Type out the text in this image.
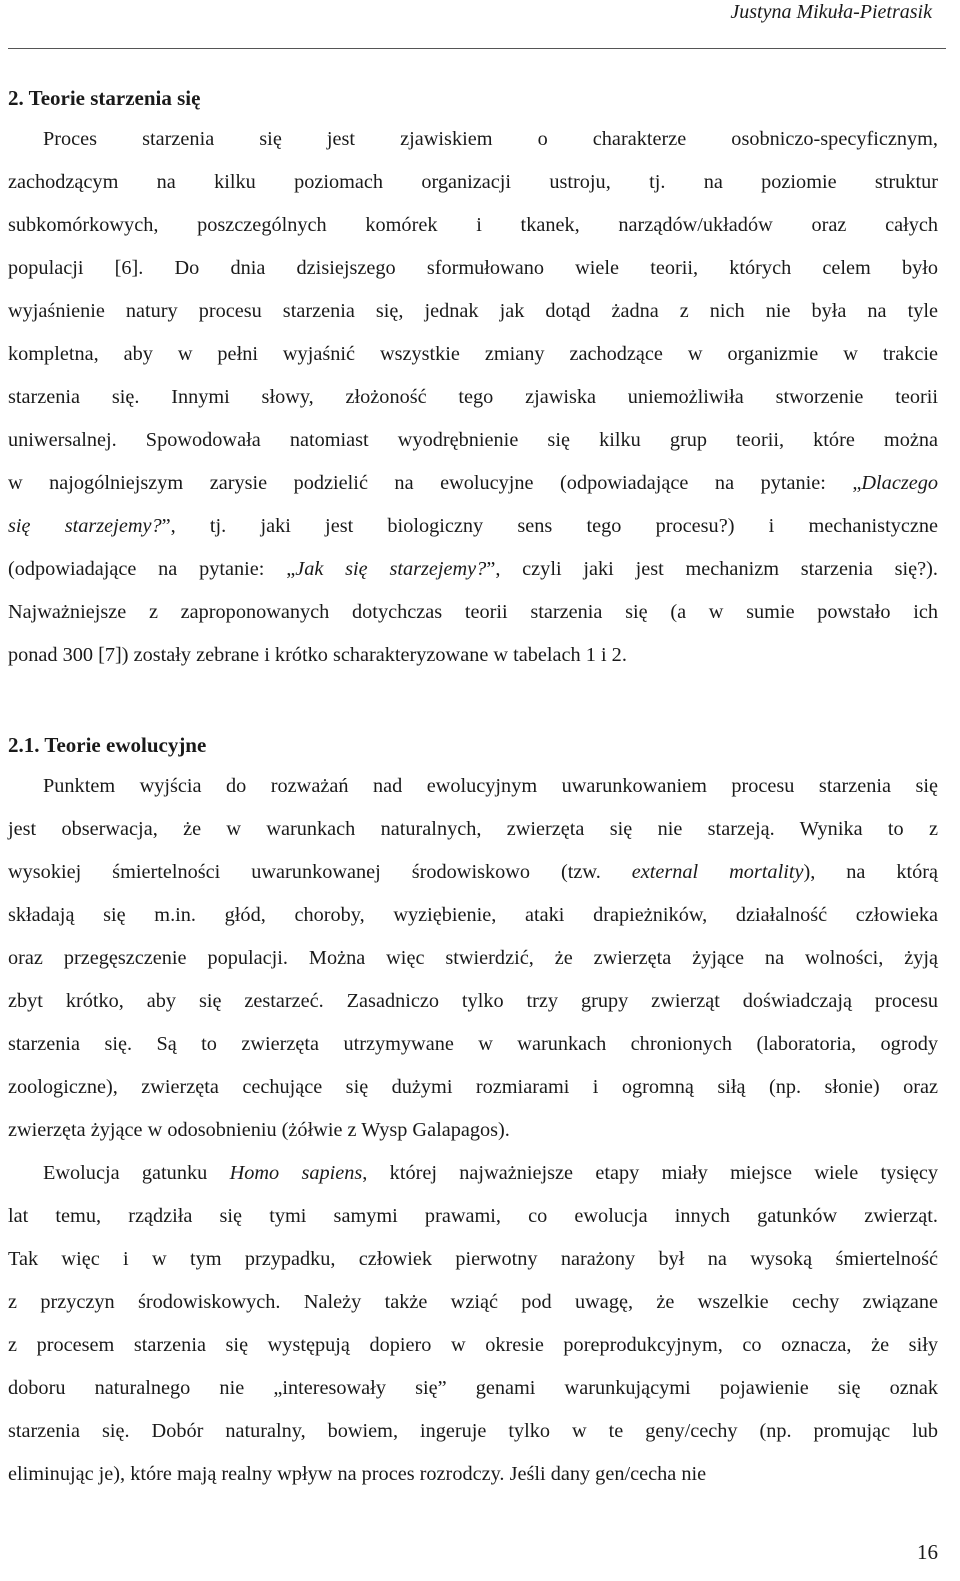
Justyna Mikuła-Pietrasik
2. Teorie starzenia się
Proces starzenia się jest zjawiskiem o charakterze osobniczo-specyficznym,
zachodzącym na kilku poziomach organizacji ustroju, tj. na poziomie struktur
subkomórkowych, poszczególnych komórek i tkanek, narządów/układów oraz całych
populacji [6]. Do dnia dzisiejszego sformułowano wiele teorii, których celem było
wyjaśnienie natury procesu starzenia się, jednak jak dotąd żadna z nich nie była na tyle
kompletna, aby w pełni wyjaśnić wszystkie zmiany zachodzące w organizmie w trakcie
starzenia się. Innymi słowy, złożoność tego zjawiska uniemożliwiła stworzenie teorii
uniwersalnej. Spowodowała natomiast wyodrębnienie się kilku grup teorii, które można
w najogólniejszym zarysie podzielić na ewolucyjne (odpowiadające na pytanie: „Dlaczego
się starzejemy?”, tj. jaki jest biologiczny sens tego procesu?) i mechanistyczne
(odpowiadające na pytanie: „Jak się starzejemy?”, czyli jaki jest mechanizm starzenia się?).
Najważniejsze z zaproponowanych dotychczas teorii starzenia się (a w sumie powstało ich
ponad 300 [7]) zostały zebrane i krótko scharakteryzowane w tabelach 1 i 2.
2.1. Teorie ewolucyjne
Punktem wyjścia do rozważań nad ewolucyjnym uwarunkowaniem procesu starzenia się
jest obserwacja, że w warunkach naturalnych, zwierzęta się nie starzeją. Wynika to z
wysokiej śmiertelności uwarunkowanej środowiskowo (tzw. external mortality), na którą
składają się m.in. głód, choroby, wyziębienie, ataki drapieżników, działalność człowieka
oraz przegęszczenie populacji. Można więc stwierdzić, że zwierzęta żyjące na wolności, żyją
zbyt krótko, aby się zestarzeć. Zasadniczo tylko trzy grupy zwierząt doświadczają procesu
starzenia się. Są to zwierzęta utrzymywane w warunkach chronionych (laboratoria, ogrody
zoologiczne), zwierzęta cechujące się dużymi rozmiarami i ogromną siłą (np. słonie) oraz
zwierzęta żyjące w odosobnieniu (żółwie z Wysp Galapagos).
Ewolucja gatunku Homo sapiens, której najważniejsze etapy miały miejsce wiele tysięcy
lat temu, rządziła się tymi samymi prawami, co ewolucja innych gatunków zwierząt.
Tak więc i w tym przypadku, człowiek pierwotny narażony był na wysoką śmiertelność
z przyczyn środowiskowych. Należy także wziąć pod uwagę, że wszelkie cechy związane
z procesem starzenia się występują dopiero w okresie poreprodukcyjnym, co oznacza, że siły
doboru naturalnego nie „interesowały się” genami warunkującymi pojawienie się oznak
starzenia się. Dobór naturalny, bowiem, ingeruje tylko w te geny/cechy (np. promując lub
eliminując je), które mają realny wpływ na proces rozrodczy. Jeśli dany gen/cecha nie
16
